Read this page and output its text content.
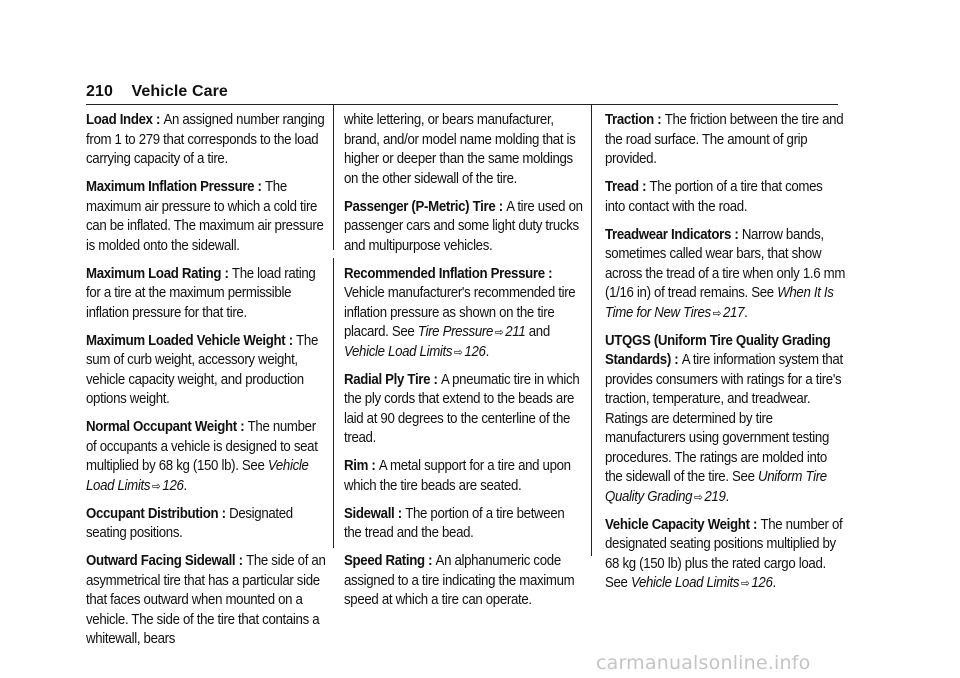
210 Vehicle Care

Load Index : An assigned number ranging from 1 to 279 that corresponds to the load carrying capacity of a tire.

Maximum Inflation Pressure : The maximum air pressure to which a cold tire can be inflated. The maximum air pressure is molded onto the sidewall.

Maximum Load Rating : The load rating for a tire at the maximum permissible inflation pressure for that tire.

Maximum Loaded Vehicle Weight : The sum of curb weight, accessory weight, vehicle capacity weight, and production options weight.

Normal Occupant Weight : The number of occupants a vehicle is designed to seat multiplied by 68 kg (150 lb). See Vehicle Load Limits ⇨ 126.

Occupant Distribution : Designated seating positions.

Outward Facing Sidewall : The side of an asymmetrical tire that has a particular side that faces outward when mounted on a vehicle. The side of the tire that contains a whitewall, bears

white lettering, or bears manufacturer, brand, and/or model name molding that is higher or deeper than the same moldings on the other sidewall of the tire.

Passenger (P-Metric) Tire : A tire used on passenger cars and some light duty trucks and multipurpose vehicles.

Recommended Inflation Pressure : Vehicle manufacturer's recommended tire inflation pressure as shown on the tire placard. See Tire Pressure ⇨ 211 and Vehicle Load Limits ⇨ 126.

Radial Ply Tire : A pneumatic tire in which the ply cords that extend to the beads are laid at 90 degrees to the centerline of the tread.

Rim : A metal support for a tire and upon which the tire beads are seated.

Sidewall : The portion of a tire between the tread and the bead.

Speed Rating : An alphanumeric code assigned to a tire indicating the maximum speed at which a tire can operate.

Traction : The friction between the tire and the road surface. The amount of grip provided.

Tread : The portion of a tire that comes into contact with the road.

Treadwear Indicators : Narrow bands, sometimes called wear bars, that show across the tread of a tire when only 1.6 mm (1/16 in) of tread remains. See When It Is Time for New Tires ⇨ 217.

UTQGS (Uniform Tire Quality Grading Standards) : A tire information system that provides consumers with ratings for a tire's traction, temperature, and treadwear. Ratings are determined by tire manufacturers using government testing procedures. The ratings are molded into the sidewall of the tire. See Uniform Tire Quality Grading ⇨ 219.

Vehicle Capacity Weight : The number of designated seating positions multiplied by 68 kg (150 lb) plus the rated cargo load. See Vehicle Load Limits ⇨ 126.

carmanualsonline.info
